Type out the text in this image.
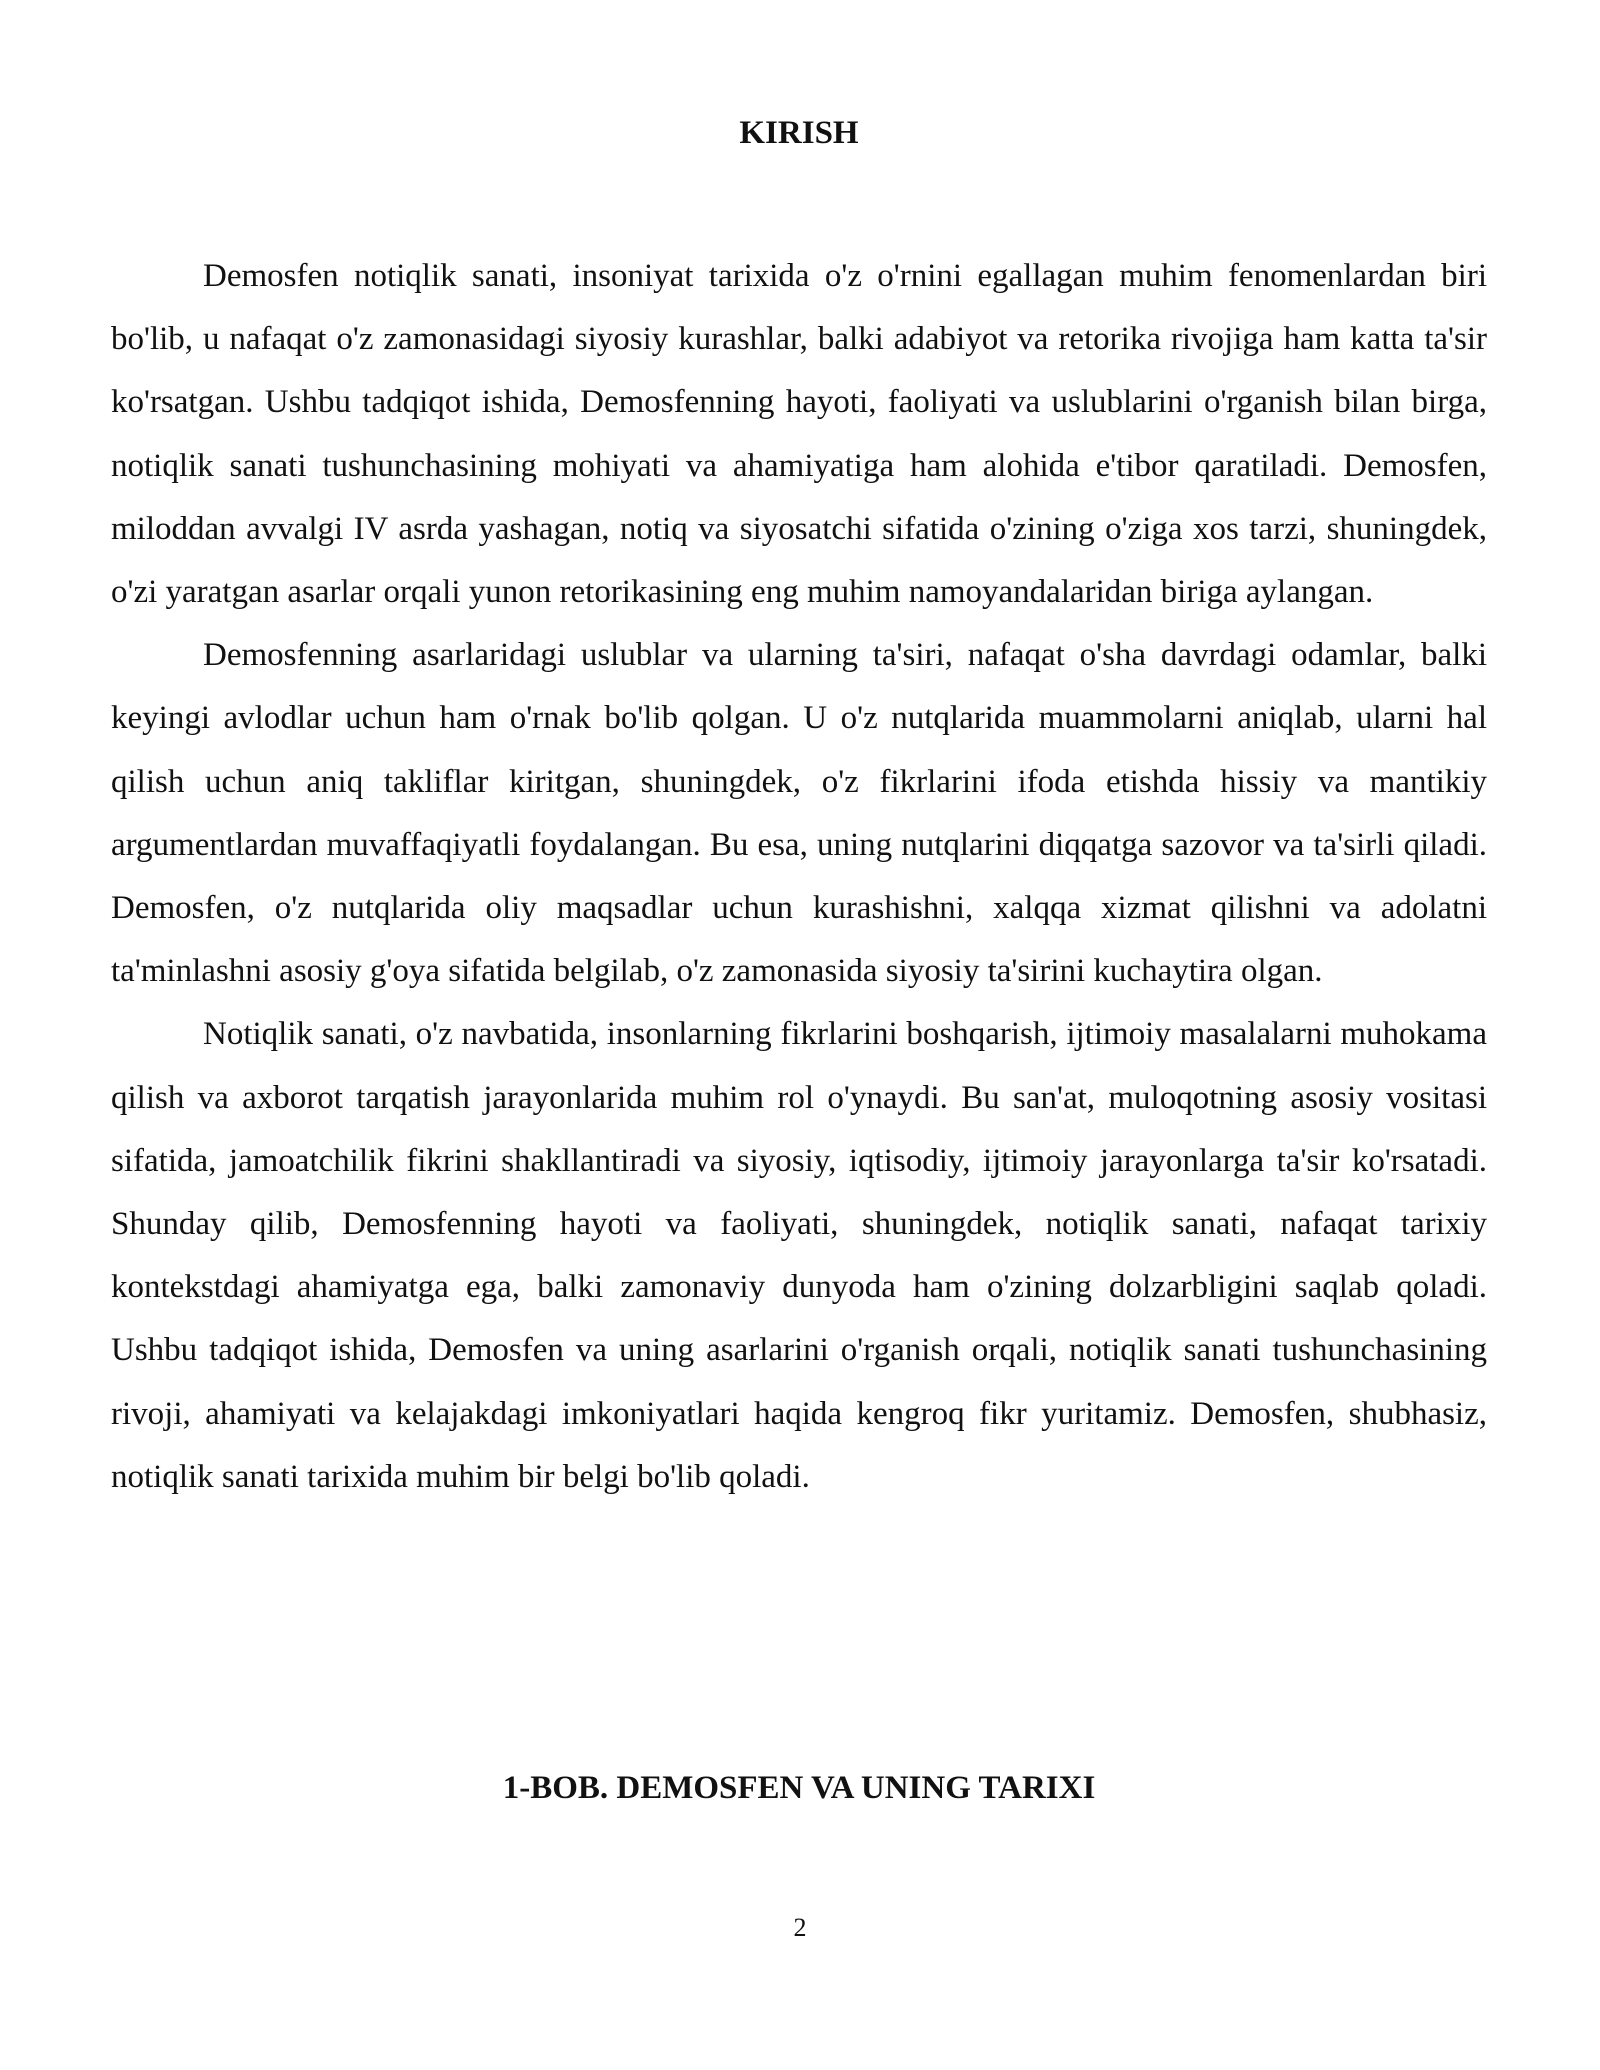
KIRISH

Demosfen notiqlik sanati, insoniyat tarixida o'z o'rnini egallagan muhim fenomenlardan biri bo'lib, u nafaqat o'z zamonasidagi siyosiy kurashlar, balki adabiyot va retorika rivojiga ham katta ta'sir ko'rsatgan. Ushbu tadqiqot ishida, Demosfenning hayoti, faoliyati va uslublarini o'rganish bilan birga, notiqlik sanati tushunchasining mohiyati va ahamiyatiga ham alohida e'tibor qaratiladi. Demosfen, miloddan avvalgi IV asrda yashagan, notiq va siyosatchi sifatida o'zining o'ziga xos tarzi, shuningdek, o'zi yaratgan asarlar orqali yunon retorikasining eng muhim namoyandalaridan biriga aylangan.

Demosfenning asarlaridagi uslublar va ularning ta'siri, nafaqat o'sha davrdagi odamlar, balki keyingi avlodlar uchun ham o'rnak bo'lib qolgan. U o'z nutqlarida muammolarni aniqlab, ularni hal qilish uchun aniq takliflar kiritgan, shuningdek, o'z fikrlarini ifoda etishda hissiy va mantikiy argumentlardan muvaffaqiyatli foydalangan. Bu esa, uning nutqlarini diqqatga sazovor va ta'sirli qiladi. Demosfen, o'z nutqlarida oliy maqsadlar uchun kurashishni, xalqqa xizmat qilishni va adolatni ta'minlashni asosiy g'oya sifatida belgilab, o'z zamonasida siyosiy ta'sirini kuchaytira olgan.

Notiqlik sanati, o'z navbatida, insonlarning fikrlarini boshqarish, ijtimoiy masalalarni muhokama qilish va axborot tarqatish jarayonlarida muhim rol o'ynaydi. Bu san'at, muloqotning asosiy vositasi sifatida, jamoatchilik fikrini shakllantiradi va siyosiy, iqtisodiy, ijtimoiy jarayonlarga ta'sir ko'rsatadi. Shunday qilib, Demosfenning hayoti va faoliyati, shuningdek, notiqlik sanati, nafaqat tarixiy kontekstdagi ahamiyatga ega, balki zamonaviy dunyoda ham o'zining dolzarbligini saqlab qoladi. Ushbu tadqiqot ishida, Demosfen va uning asarlarini o'rganish orqali, notiqlik sanati tushunchasining rivoji, ahamiyati va kelajakdagi imkoniyatlari haqida kengroq fikr yuritamiz. Demosfen, shubhasiz, notiqlik sanati tarixida muhim bir belgi bo'lib qoladi.

1-BOB. DEMOSFEN VA UNING TARIXI
2
